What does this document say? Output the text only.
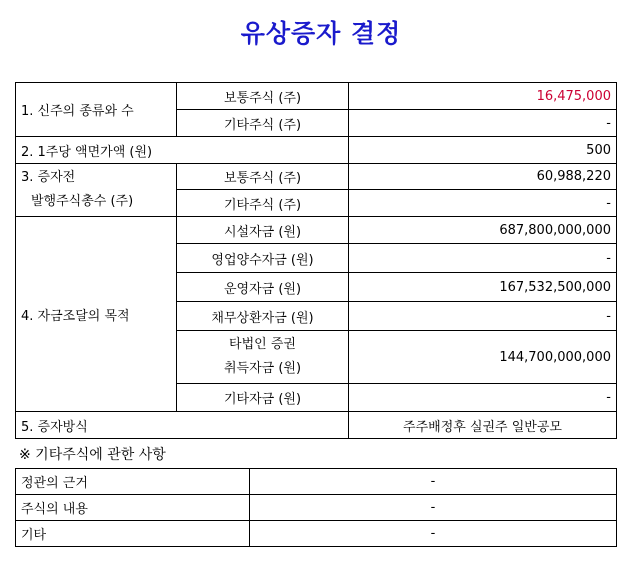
유상증자 결정
1. 신주의 종류와 수	보통주식 (주)	16,475,000
	기타주식 (주)	-
2. 1주당 액면가액 (원)		500

3. 증자전
발행주식총수 (주)	보통주식 (주)	60,988,220
	기타주식 (주)	-
4. 자금조달의 목적	시설자금 (원)	687,800,000,000
	영업양수자금 (원)	-
	운영자금 (원)	167,532,500,000
	채무상환자금 (원)	-

	타법인 증권
취득자금 (원)	144,700,000,000
	기타자금 (원)	-
5. 증자방식		주주배정후 실권주 일반공모
※ 기타주식에 관한 사항
정관의 근거	-
주식의 내용	-
기타	-
